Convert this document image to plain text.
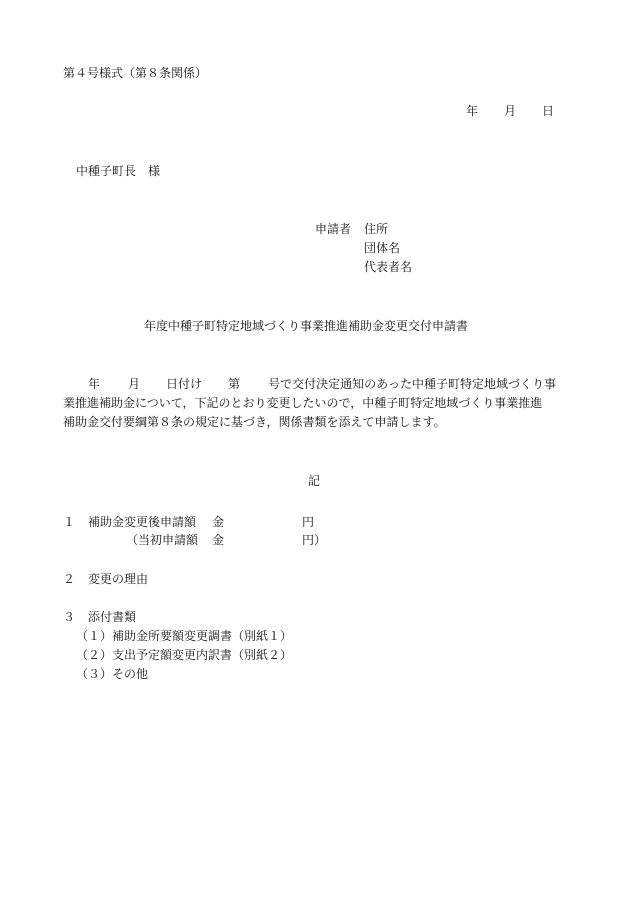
第４号様式（第８条関係）
年 月 日
中種子町長　様
申請者 住所
団体名
代表者名
年度中種子町特定地域づくり事業推進補助金変更交付申請書
年 月 日付け 第 号で交付決定通知のあった中種子町特定地域づくり事
業推進補助金について，下記のとおり変更したいので，中種子町特定地域づくり事業推進
補助金交付要綱第８条の規定に基づき，関係書類を添えて申請します。
記
１ 補助金変更後申請額 金	円
（当初申請額 金	円）
２ 変更の理由
３ 添付書類
（１）補助金所要額変更調書（別紙１）
（２）支出予定額変更内訳書（別紙２）
（３）その他
